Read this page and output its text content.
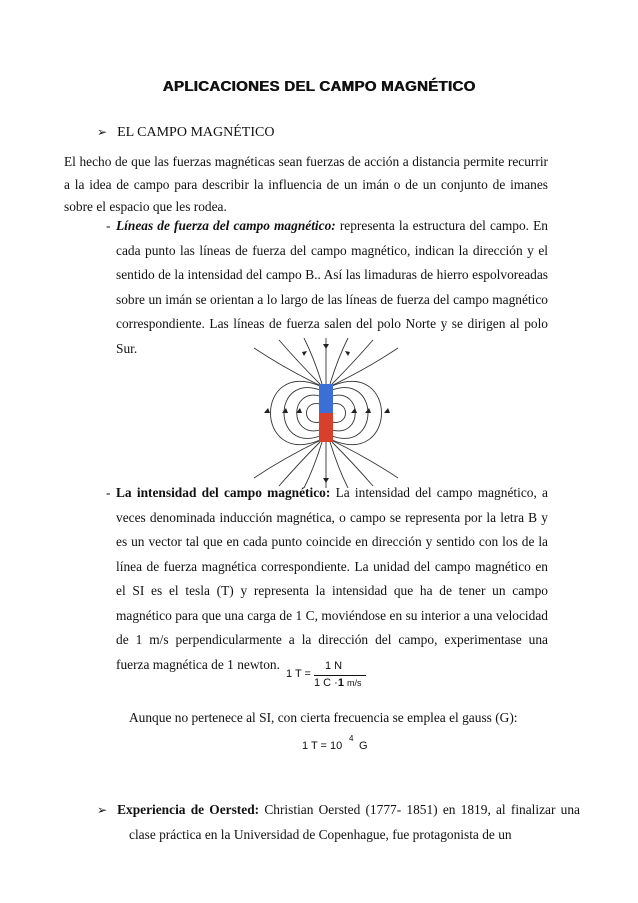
APLICACIONES DEL CAMPO MAGNÉTICO
➢ EL CAMPO MAGNÉTICO
El hecho de que las fuerzas magnéticas sean fuerzas de acción a distancia permite recurrir a la idea de campo para describir la influencia de un imán o de un conjunto de imanes sobre el espacio que les rodea.
- Líneas de fuerza del campo magnético: representa la estructura del campo. En cada punto las líneas de fuerza del campo magnético, indican la dirección y el sentido de la intensidad del campo B.. Así las limaduras de hierro espolvoreadas sobre un imán se orientan a lo largo de las líneas de fuerza del campo magnético correspondiente. Las líneas de fuerza salen del polo Norte y se dirigen al polo Sur.

- La intensidad del campo magnético: La intensidad del campo magnético, a veces denominada inducción magnética, o campo se representa por la letra B y es un vector tal que en cada punto coincide en dirección y sentido con los de la línea de fuerza magnética correspondiente. La unidad del campo magnético en el SI es el tesla (T) y representa la intensidad que ha de tener un campo magnético para que una carga de 1 C, moviéndose en su interior a una velocidad de 1 m/s perpendicularmente a la dirección del campo, experimentase una fuerza magnética de 1 newton.

1 T =
1 N
1 C ·1 m/s
Aunque no pertenece al SI, con cierta frecuencia se emplea el gauss (G):
1 T = 10
4
G
➢ Experiencia de Oersted: Christian Oersted (1777- 1851) en 1819, al finalizar una clase práctica en la Universidad de Copenhague, fue protagonista de un
